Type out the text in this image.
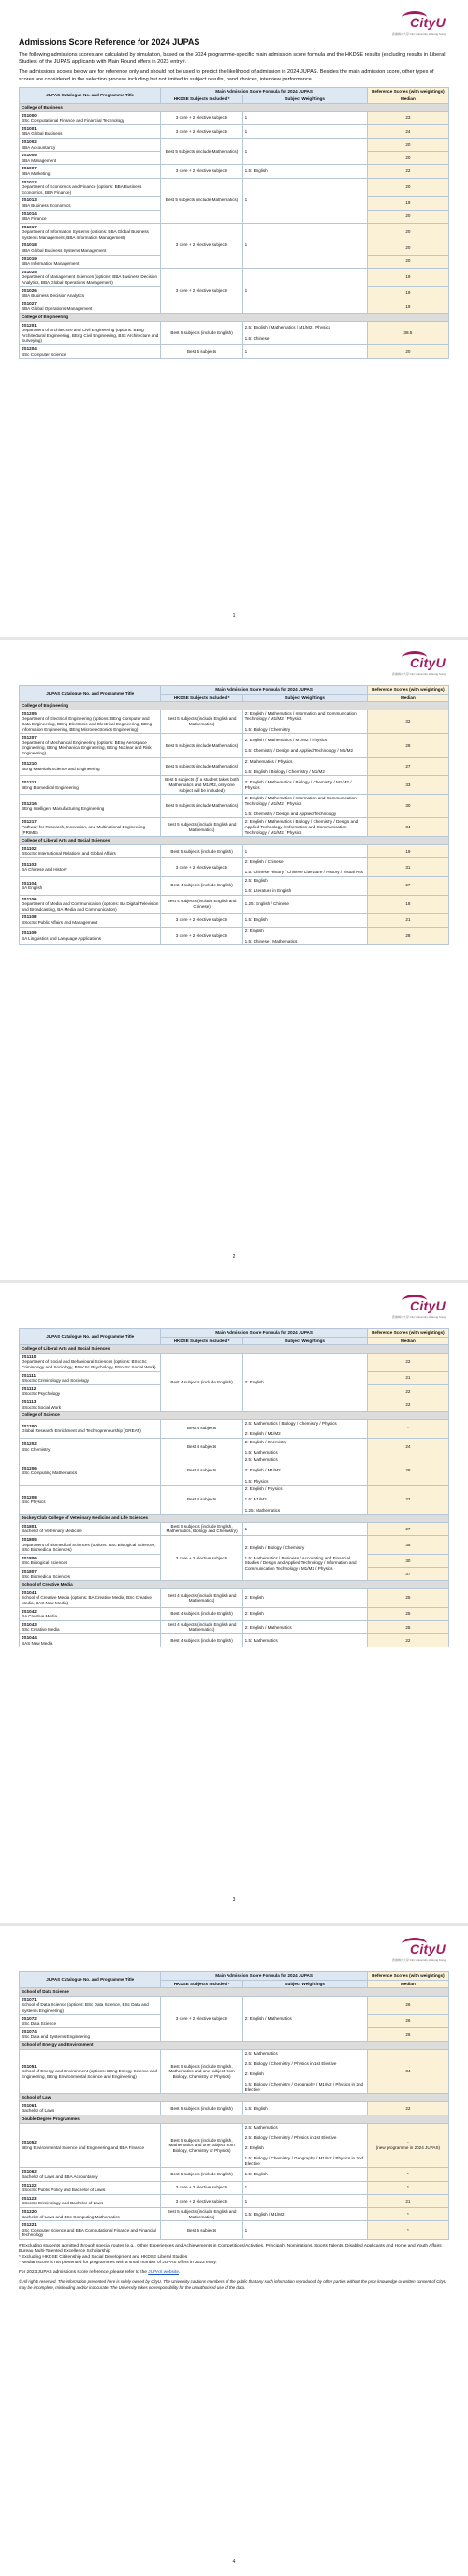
CityU
香港城市大學 City University of Hong Kong
Admissions Score Reference for 2024 JUPAS

The following admissions scores are calculated by simulation, based on the 2024 programme-specific main admission score formula and the HKDSE results (excluding results in Liberal Studies) of the JUPAS applicants with Main Round offers in 2023 entry#.

The admissions scores below are for reference only and should not be used to predict the likelihood of admission in 2024 JUPAS. Besides the main admission score, other types of scores are considered in the selection process including but not limited to subject results, band choices, interview performance.

JUPAS Catalogue No. and Programme Title	Main Admission Score Formula for 2024 JUPAS		Reference Scores (with weightings)
	HKDSE Subjects Included *	Subject Weightings	Median
College of Business			
JS1000
BSc Computational Finance and Financial Technology	3 core + 2 elective subjects	1	23
JS1001
BBA Global Business	3 core + 2 elective subjects	1	24
JS1002
BBA Accountancy	Best 5 subjects (include Mathematics)	1	20
JS1005
BBA Management			20
JS1007
BBA Marketing	3 core + 2 elective subjects	1.5: English	22
JS1012
Department of Economics and Finance (options: BBA Business Economics, BBA Finance)	Best 5 subjects (include Mathematics)	1	20
JS1013
BBA Business Economics			19
JS1014
BBA Finance			20
JS1017
Department of Information Systems (options: BBA Global Business Systems Management, BBA Information Management)	3 core + 2 elective subjects	1	20
JS1018
BBA Global Business Systems Management			20
JS1019
BBA Information Management			20
JS1025
Department of Management Sciences (options: BBA Business Decision Analytics, BBA Global Operations Management)	3 core + 2 elective subjects	1	19
JS1026
BBA Business Decision Analytics			19
JS1027
BBA Global Operations Management			19
College of Engineering			
JS1201
Department of Architecture and Civil Engineering (options: BEng Architectural Engineering, BEng Civil Engineering, BSc Architecture and Surveying)	Best 5 subjects (include English)	2.5: English / Mathematics / M1/M2 / Physics

1.5: Chinese	38.5
JS1204
BSc Computer Science	Best 5 subjects	1	20
1
CityU
香港城市大學 City University of Hong Kong
JUPAS Catalogue No. and Programme Title	Main Admission Score Formula for 2024 JUPAS		Reference Scores (with weightings)
	HKDSE Subjects Included *	Subject Weightings	Median
College of Engineering			
JS1205
Department of Electrical Engineering (options: BEng Computer and Data Engineering, BEng Electronic and Electrical Engineering, BEng Information Engineering, BEng Microelectronics Engineering)	Best 5 subjects (include English and Mathematics)	2: English / Mathematics / Information and Communication Technology / M1/M2 / Physics

1.5: Biology / Chemistry	32
JS1207
Department of Mechanical Engineering (options: BEng Aerospace Engineering, BEng Mechanical Engineering, BEng Nuclear and Risk Engineering)	Best 5 subjects (include Mathematics)	2: English / Mathematics / M1/M2 / Physics

1.5: Chemistry / Design and Applied Technology / M1/M2	28
JS1210
BEng Materials Science and Engineering	Best 5 subjects (include Mathematics)	2: Mathematics / Physics

1.5: English / Biology / Chemistry / M1/M2	27
JS1211
BEng Biomedical Engineering	Best 5 subjects (if a student takes both Mathematics and M1/M2, only one subject will be included)	2: English / Mathematics / Biology / Chemistry / M1/M2 / Physics	33
JS1216
BEng Intelligent Manufacturing Engineering	Best 5 subjects (include Mathematics)	2: English / Mathematics / Information and Communication Technology / M1/M2 / Physics

1.5: Chemistry / Design and Applied Technology	30
JS1217
Pathway for Research, Innovation, and Multinational Engineering (PRIME)	Best 5 subjects (include English and Mathematics)	2: English / Mathematics / Biology / Chemistry / Design and Applied Technology / Information and Communication Technology / M1/M2 / Physics	34
College of Liberal Arts and Social Sciences			
JS1102
BSocSc International Relations and Global Affairs	Best 5 subjects (include English)	1	19
JS1103
BA Chinese and History	3 core + 2 elective subjects	2: English / Chinese

1.5: Chinese History / Chinese Literature / History / Visual Arts	31
JS1104
BA English	Best 4 subjects (include English)	2.5: English

1.5: Literature in English	27
JS1106
Department of Media and Communication (options: BA Digital Television and Broadcasting, BA Media and Communication)	Best 4 subjects (include English and Chinese)	1.25: English / Chinese	18
JS1108
BSocSc Public Affairs and Management	3 core + 2 elective subjects	1.5: English	21
JS1109
BA Linguistics and Language Applications	3 core + 2 elective subjects	2: English

1.5: Chinese / Mathematics	28
2
CityU
香港城市大學 City University of Hong Kong
JUPAS Catalogue No. and Programme Title	Main Admission Score Formula for 2024 JUPAS		Reference Scores (with weightings)
	HKDSE Subjects Included *	Subject Weightings	Median
College of Liberal Arts and Social Sciences			
JS1110
Department of Social and Behavioural Sciences (options: BSocSc Criminology and Sociology, BSocSc Psychology, BSocSc Social Work)	Best 4 subjects (include English)	2: English	22
JS1111
BSocSc Criminology and Sociology			21
JS1112
BSocSc Psychology			22
JS1113
BSocSc Social Work			22
College of Science			
JS1200
Global Research Enrichment and Technopreneurship (GREAT)	Best 4 subjects	2.5: Mathematics / Biology / Chemistry / Physics

2: English / M1/M2	*
JS1202
BSc Chemistry	Best 4 subjects	2: English / Chemistry

1.5: Mathematics	24
JS1206
BSc Computing Mathematics	Best 4 subjects	2.5: Mathematics

2: English / M1/M2

1.5: Physics	28
JS1208
BSc Physics	Best 4 subjects	2: English / Physics

1.5: M1/M2

1.25: Mathematics	22
Jockey Club College of Veterinary Medicine and Life Sciences			
JS1801
Bachelor of Veterinary Medicine	Best 5 subjects (include English, Mathematics, Biology and Chemistry)	1	27
JS1805
Department of Biomedical Sciences (options: BSc Biological Sciences, BSc Biomedical Sciences)	3 core + 2 elective subjects	2: English / Biology / Chemistry

1.5: Mathematics / Business / Accounting and Financial Studies / Design and Applied Technology / Information and Communication Technology / M1/M2 / Physics	35
JS1806
BSc Biological Sciences			30
JS1807
BSc Biomedical Sciences			37
School of Creative Media			
JS1041
School of Creative Media (options: BA Creative Media, BSc Creative Media, BAS New Media)	Best 4 subjects (include English and Mathematics)	2: English	25
JS1042
BA Creative Media	Best 4 subjects (include English)	2: English	25
JS1043
BSc Creative Media	Best 4 subjects (include English and Mathematics)	2: English / Mathematics	25
JS1044
BAS New Media	Best 4 subjects (include English)	1.5: Mathematics	22
3
CityU
香港城市大學 City University of Hong Kong
JUPAS Catalogue No. and Programme Title	Main Admission Score Formula for 2024 JUPAS		Reference Scores (with weightings)
	HKDSE Subjects Included *	Subject Weightings	Median
School of Data Science			
JS1071
School of Data Science (options: BSc Data Science, BSc Data and Systems Engineering)	3 core + 2 elective subjects	2: English / Mathematics	26
JS1072
BSc Data Science			26
JS1074
BSc Data and Systems Engineering			26
School of Energy and Environment			
JS1051
School of Energy and Environment (options: BEng Energy Science and Engineering, BEng Environmental Science and Engineering)	Best 5 subjects (include English, Mathematics and one subject from Biology, Chemistry or Physics)	2.5: Mathematics

2.5: Biology / Chemistry / Physics in 1st Elective

2: English

1.5: Biology / Chemistry / Geography / M1/M2 / Physics in 2nd Elective	34
School of Law			
JS1061
Bachelor of Laws	Best 5 subjects (include English)	1.5: English	22
Double Degree Programmes			
JS1052
BEng Environmental Science and Engineering and BBA Finance	Best 5 subjects (include English, Mathematics and one subject from Biology, Chemistry or Physics)	2.5: Mathematics

2.5: Biology / Chemistry / Physics in 1st Elective

2: English

1.5: Biology / Chemistry / Geography / M1/M2 / Physics in 2nd Elective	-
(new programme in 2024 JUPAS)
JS1062
Bachelor of Laws and BBA Accountancy	Best 5 subjects (include English)	1.5: English	*
JS1122
BSocSc Public Policy and Bachelor of Laws	3 core + 2 elective subjects	1	*
JS1123
BSocSc Criminology and Bachelor of Laws	3 core + 2 elective subjects	1	21
JS1220
Bachelor of Laws and BSc Computing Mathematics	Best 5 subjects (include English and Mathematics)	1.5: English / M1/M2	*
JS1221
BSc Computer Science and BBA Computational Finance and Financial Technology	Best 5 subjects	1	*
# Excluding students admitted through special routes (e.g., Other Experiences and Achievements in Competitions/Activities, Principal's Nominations, Sports Talents, Disabled Applicants and Home and Youth Affairs Bureau Multi-Talented Excellence Scholarship
* Excluding HKDSE Citizenship and Social Development and HKDSE Liberal Studies
* Median score is not presented for programmes with a small number of JUPAS offers in 2023 entry.
For 2023 JUPAS admissions score reference, please refer to the JUPAS website.
© All rights reserved. The information presented here is solely owned by CityU. The University cautions members of the public that any such information reproduced by other parties without the prior knowledge or written consent of CityU may be incomplete, misleading and/or inaccurate. The University takes no responsibility for the unauthorised use of the data.
4
